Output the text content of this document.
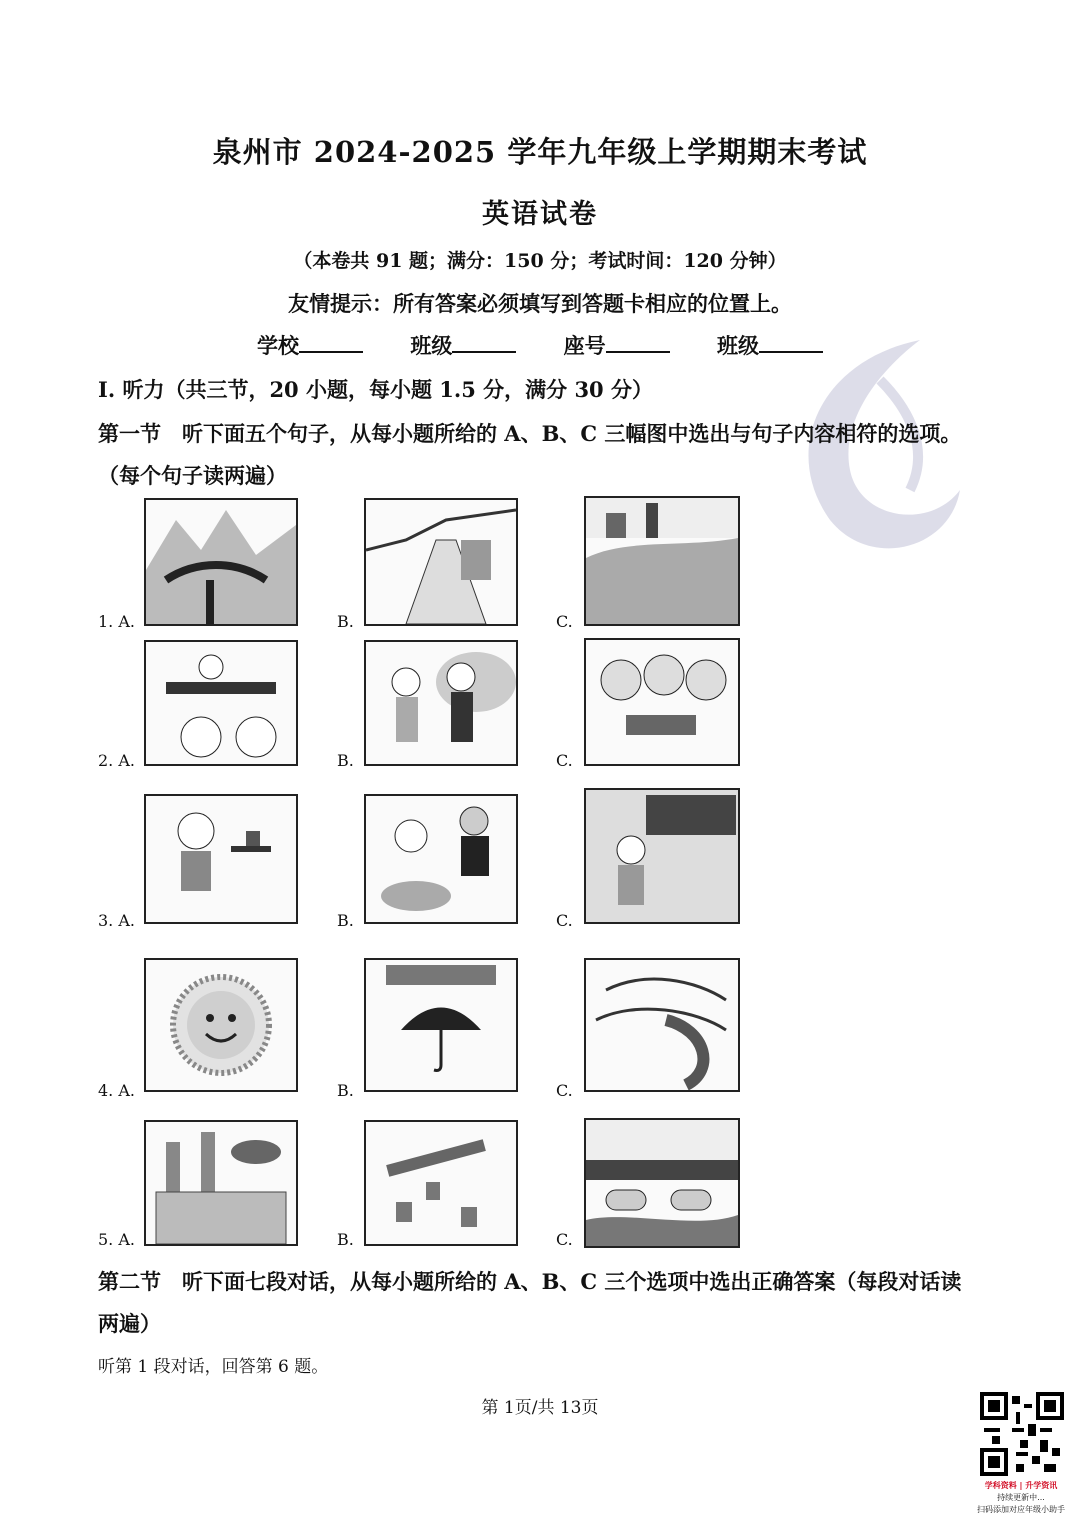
泉州市 2024-2025 学年九年级上学期期末考试
英语试卷
（本卷共 91 题；满分：150 分；考试时间：120 分钟）
友情提示：所有答案必须填写到答题卡相应的位置上。
学校	班级	座号	班级
I. 听力（共三节，20 小题，每小题 1.5 分，满分 30 分）
第一节　听下面五个句子，从每小题所给的 A、B、C 三幅图中选出与句子内容相符的选项。
（每个句子读两遍）
1. A.	B.	C.
2. A.	B.	C.
3. A.	B.	C.
4. A.	B.	C.
5. A.	B.	C.
第二节　听下面七段对话，从每小题所给的 A、B、C 三个选项中选出正确答案（每段对话读
两遍）
听第 1 段对话，回答第 6 题。
第 1页/共 13页
学科资料 | 升学资讯
持续更新中...
扫码添加对应年级小助手
